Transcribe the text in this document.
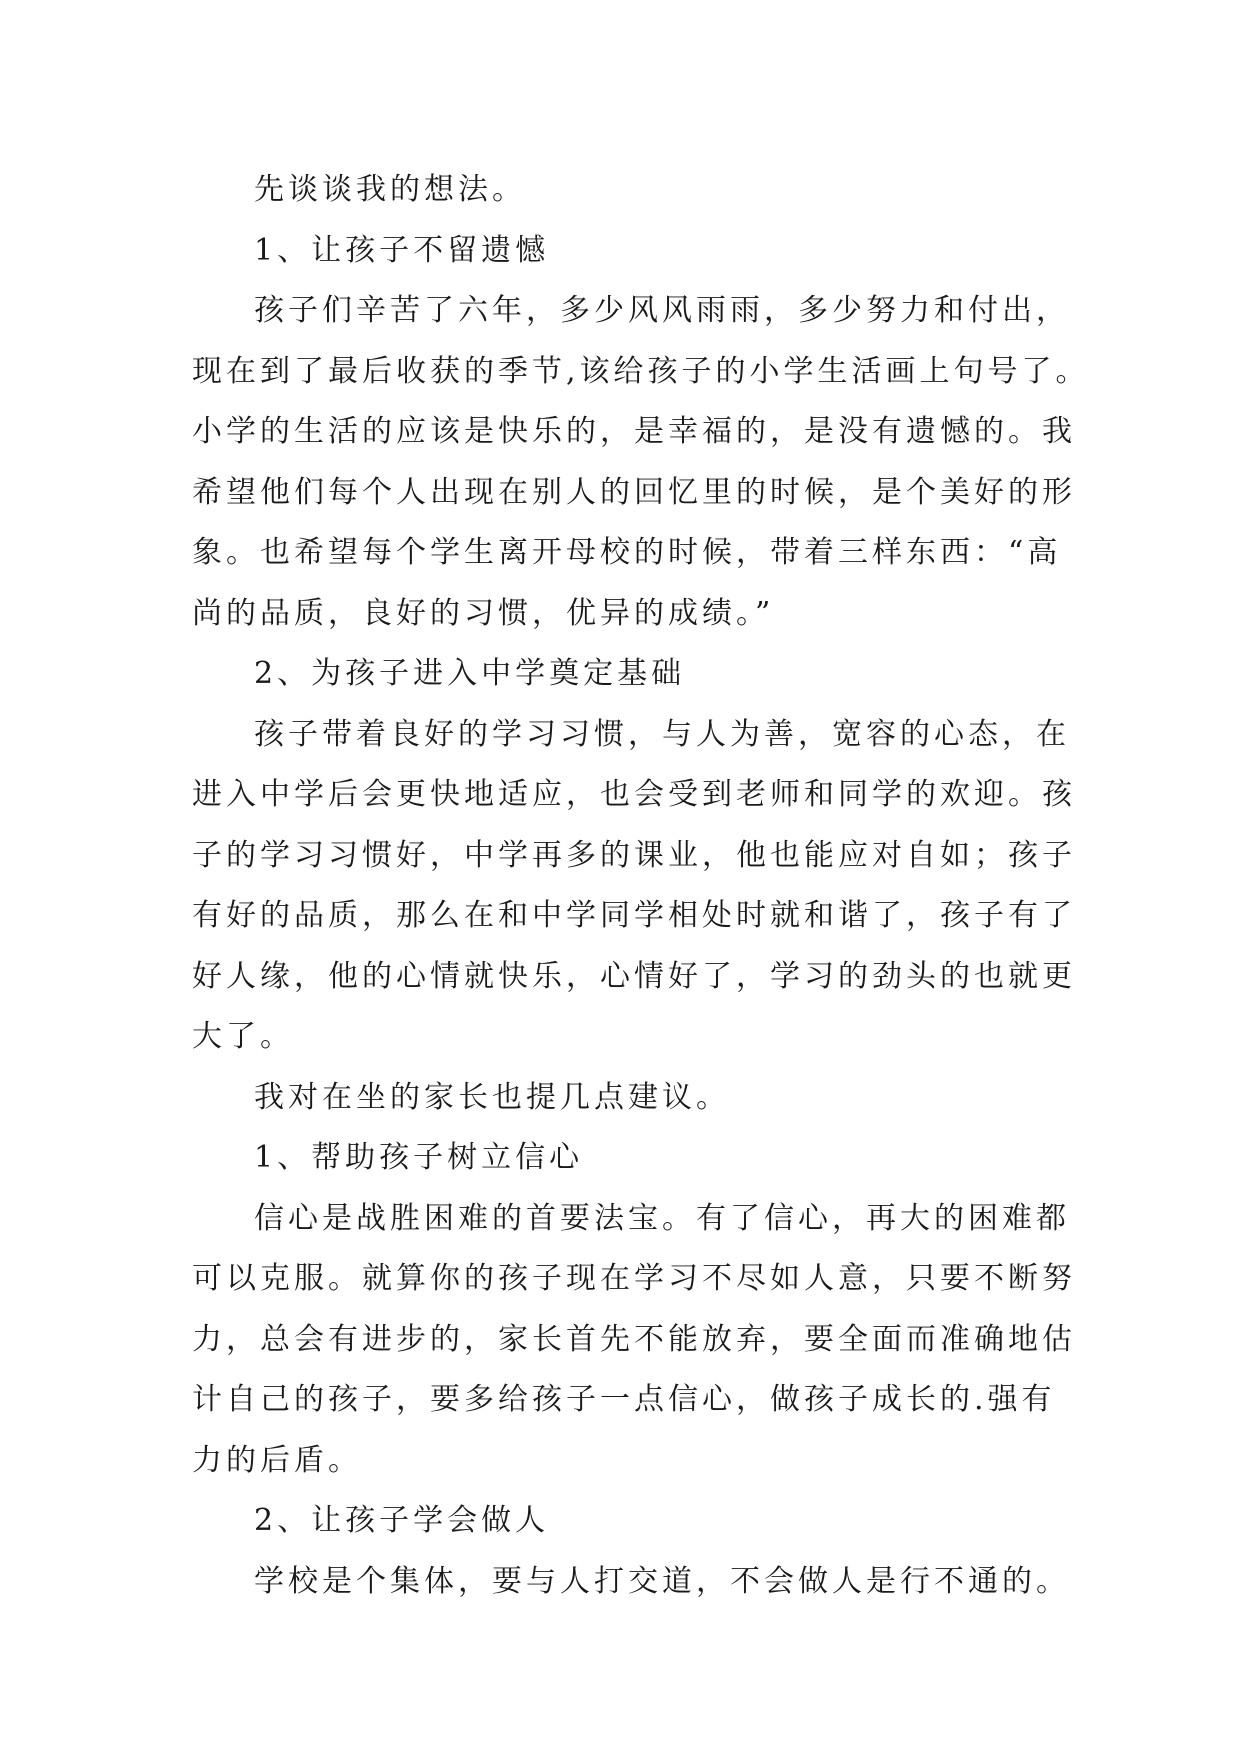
先谈谈我的想法。
1、让孩子不留遗憾
孩子们辛苦了六年，多少风风雨雨，多少努力和付出，
现在到了最后收获的季节,该给孩子的小学生活画上句号了。
小学的生活的应该是快乐的，是幸福的，是没有遗憾的。我
希望他们每个人出现在别人的回忆里的时候，是个美好的形
象。也希望每个学生离开母校的时候，带着三样东西：“高
尚的品质，良好的习惯，优异的成绩。”
2、为孩子进入中学奠定基础
孩子带着良好的学习习惯，与人为善，宽容的心态，在
进入中学后会更快地适应，也会受到老师和同学的欢迎。孩
子的学习习惯好，中学再多的课业，他也能应对自如；孩子
有好的品质，那么在和中学同学相处时就和谐了，孩子有了
好人缘，他的心情就快乐，心情好了，学习的劲头的也就更
大了。
我对在坐的家长也提几点建议。
1、帮助孩子树立信心
信心是战胜困难的首要法宝。有了信心，再大的困难都
可以克服。就算你的孩子现在学习不尽如人意，只要不断努
力，总会有进步的，家长首先不能放弃，要全面而准确地估
计自己的孩子，要多给孩子一点信心，做孩子成长的.强有
力的后盾。
2、让孩子学会做人
学校是个集体，要与人打交道，不会做人是行不通的。
